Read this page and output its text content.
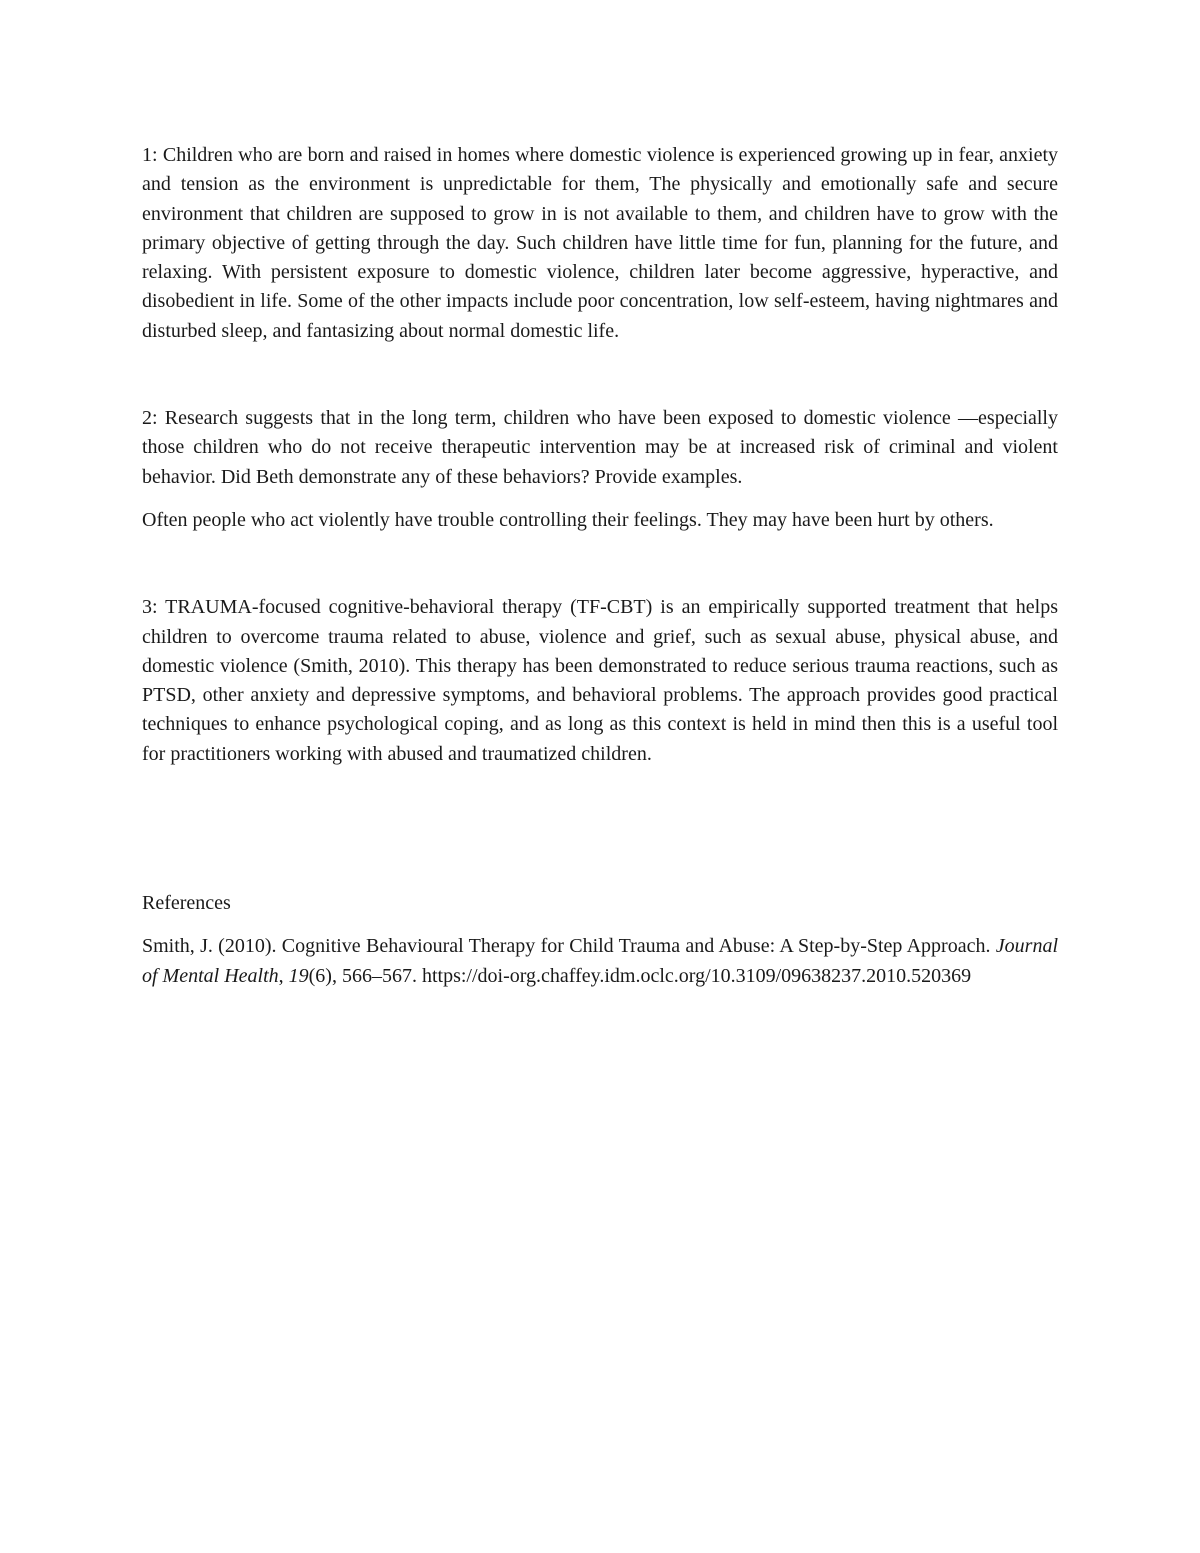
1: Children who are born and raised in homes where domestic violence is experienced growing up in fear, anxiety and tension as the environment is unpredictable for them, The physically and emotionally safe and secure environment that children are supposed to grow in is not available to them, and children have to grow with the primary objective of getting through the day. Such children have little time for fun, planning for the future, and relaxing. With persistent exposure to domestic violence, children later become aggressive, hyperactive, and disobedient in life. Some of the other impacts include poor concentration, low self-esteem, having nightmares and disturbed sleep, and fantasizing about normal domestic life.

2: Research suggests that in the long term, children who have been exposed to domestic violence —especially those children who do not receive therapeutic intervention may be at increased risk of criminal and violent behavior. Did Beth demonstrate any of these behaviors? Provide examples.

Often people who act violently have trouble controlling their feelings. They may have been hurt by others.

3: TRAUMA-focused cognitive-behavioral therapy (TF-CBT) is an empirically supported treatment that helps children to overcome trauma related to abuse, violence and grief, such as sexual abuse, physical abuse, and domestic violence (Smith, 2010). This therapy has been demonstrated to reduce serious trauma reactions, such as PTSD, other anxiety and depressive symptoms, and behavioral problems. The approach provides good practical techniques to enhance psychological coping, and as long as this context is held in mind then this is a useful tool for practitioners working with abused and traumatized children.

References

Smith, J. (2010). Cognitive Behavioural Therapy for Child Trauma and Abuse: A Step-by-Step Approach. Journal of Mental Health, 19(6), 566–567. https://doi-org.chaffey.idm.oclc.org/10.3109/09638237.2010.520369
